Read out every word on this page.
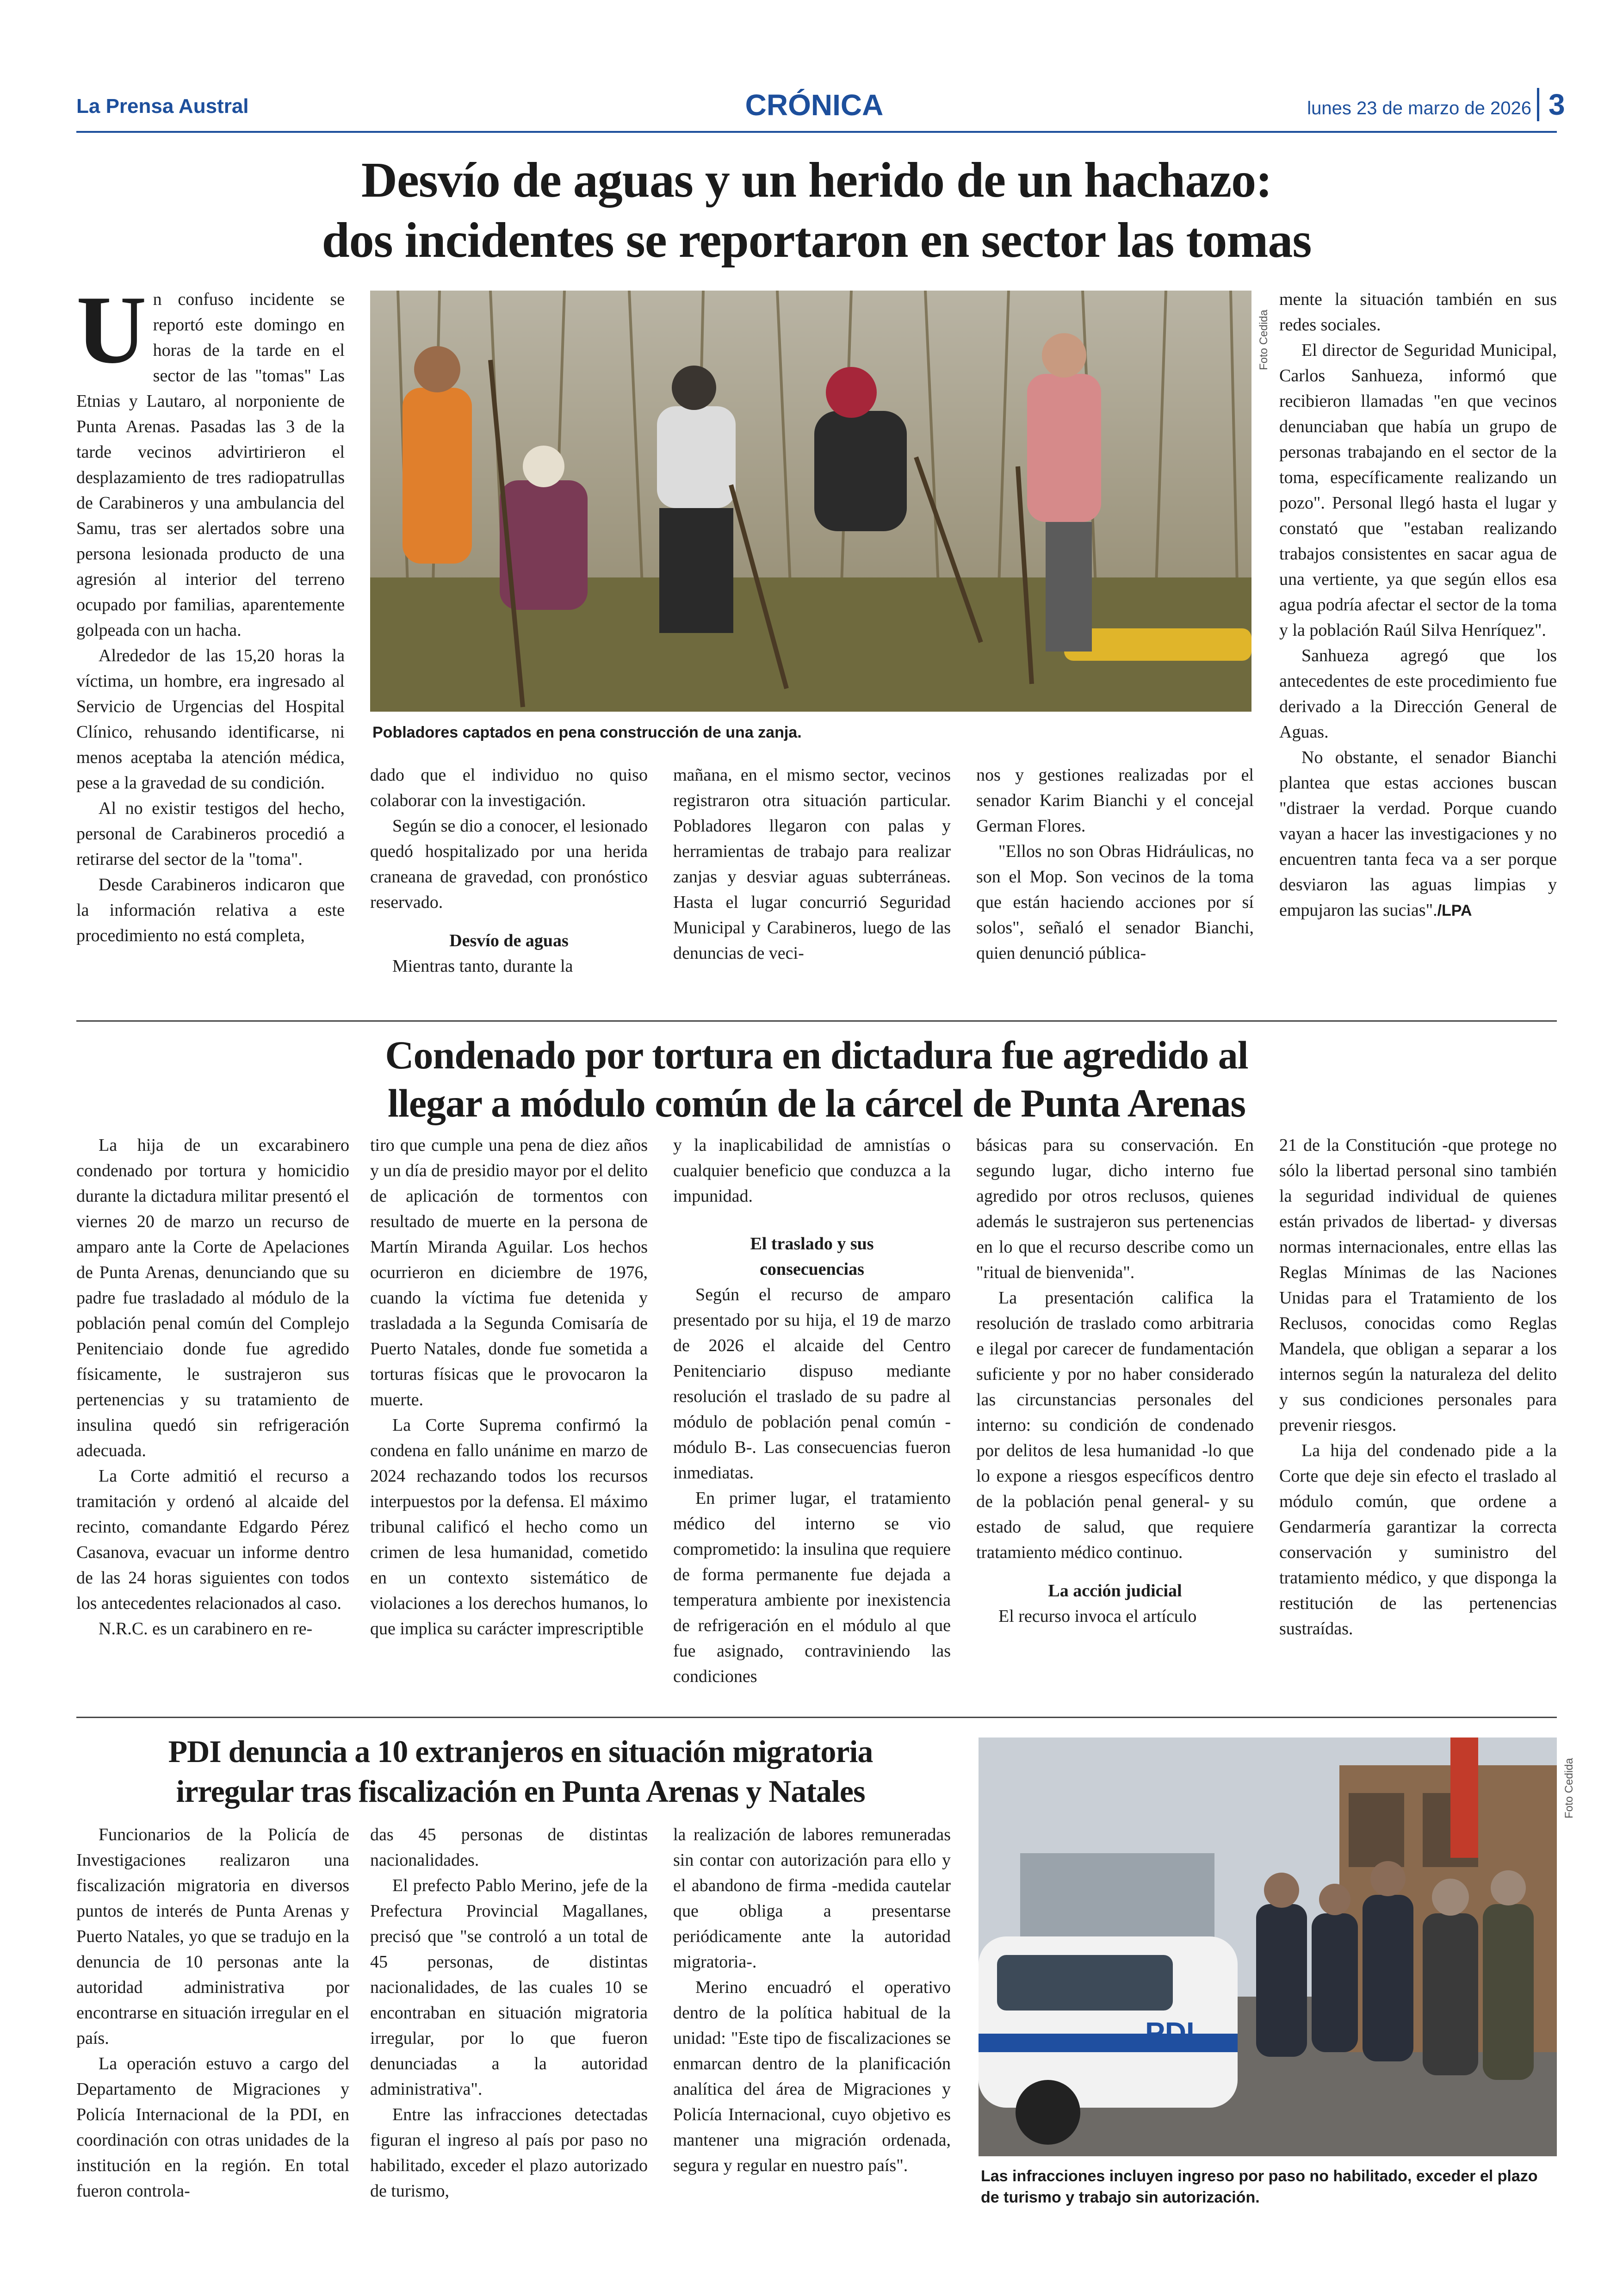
La Prensa Austral	CRÓNICA	lunes 23 de marzo de 2026 3
Desvío de aguas y un herido de un hachazo:
dos incidentes se reportaron en sector las tomas

Un confuso incidente se reportó este domingo en horas de la tarde en el sector de las "tomas" Las Etnias y Lautaro, al norponiente de Punta Arenas. Pasadas las 3 de la tarde vecinos advirtirieron el desplazamiento de tres radiopatrullas de Carabineros y una ambulancia del Samu, tras ser alertados sobre una persona lesionada producto de una agresión al interior del terreno ocupado por familias, aparentemente golpeada con un hacha.

Alrededor de las 15,20 horas la víctima, un hombre, era ingresado al Servicio de Urgencias del Hospital Clínico, rehusando identificarse, ni menos aceptaba la atención médica, pese a la gravedad de su condición.

Al no existir testigos del hecho, personal de Carabineros procedió a retirarse del sector de la "toma".

Desde Carabineros indicaron que la información relativa a este procedimiento no está completa,

Foto Cedida
Pobladores captados en pena construcción de una zanja.

dado que el individuo no quiso colaborar con la investigación.

Según se dio a conocer, el lesionado quedó hospitalizado por una herida craneana de gravedad, con pronóstico reservado.

Desvío de aguas

Mientras tanto, durante la

mañana, en el mismo sector, vecinos registraron otra situación particular. Pobladores llegaron con palas y herramientas de trabajo para realizar zanjas y desviar aguas subterráneas. Hasta el lugar concurrió Seguridad Municipal y Carabineros, luego de las denuncias de veci-

nos y gestiones realizadas por el senador Karim Bianchi y el concejal German Flores.

"Ellos no son Obras Hidráulicas, no son el Mop. Son vecinos de la toma que están haciendo acciones por sí solos", señaló el senador Bianchi, quien denunció pública-

mente la situación también en sus redes sociales.

El director de Seguridad Municipal, Carlos Sanhueza, informó que recibieron llamadas "en que vecinos denunciaban que había un grupo de personas trabajando en el sector de la toma, específicamente realizando un pozo". Personal llegó hasta el lugar y constató que "estaban realizando trabajos consistentes en sacar agua de una vertiente, ya que según ellos esa agua podría afectar el sector de la toma y la población Raúl Silva Henríquez".

Sanhueza agregó que los antecedentes de este procedimiento fue derivado a la Dirección General de Aguas.

No obstante, el senador Bianchi plantea que estas acciones buscan "distraer la verdad. Porque cuando vayan a hacer las investigaciones y no encuentren tanta feca va a ser porque desviaron las aguas limpias y empujaron las sucias"./LPA

Condenado por tortura en dictadura fue agredido al
llegar a módulo común de la cárcel de Punta Arenas

La hija de un excarabinero condenado por tortura y homicidio durante la dictadura militar presentó el viernes 20 de marzo un recurso de amparo ante la Corte de Apelaciones de Punta Arenas, denunciando que su padre fue trasladado al módulo de la población penal común del Complejo Penitenciaio donde fue agredido físicamente, le sustrajeron sus pertenencias y su tratamiento de insulina quedó sin refrigeración adecuada.

La Corte admitió el recurso a tramitación y ordenó al alcaide del recinto, comandante Edgardo Pérez Casanova, evacuar un informe dentro de las 24 horas siguientes con todos los antecedentes relacionados al caso.

N.R.C. es un carabinero en re-

tiro que cumple una pena de diez años y un día de presidio mayor por el delito de aplicación de tormentos con resultado de muerte en la persona de Martín Miranda Aguilar. Los hechos ocurrieron en diciembre de 1976, cuando la víctima fue detenida y trasladada a la Segunda Comisaría de Puerto Natales, donde fue sometida a torturas físicas que le provocaron la muerte.

La Corte Suprema confirmó la condena en fallo unánime en marzo de 2024 rechazando todos los recursos interpuestos por la defensa. El máximo tribunal calificó el hecho como un crimen de lesa humanidad, cometido en un contexto sistemático de violaciones a los derechos humanos, lo que implica su carácter imprescriptible

y la inaplicabilidad de amnistías o cualquier beneficio que conduzca a la impunidad.

El traslado y sus
consecuencias

Según el recurso de amparo presentado por su hija, el 19 de marzo de 2026 el alcaide del Centro Penitenciario dispuso mediante resolución el traslado de su padre al módulo de población penal común -módulo B-. Las consecuencias fueron inmediatas.

En primer lugar, el tratamiento médico del interno se vio comprometido: la insulina que requiere de forma permanente fue dejada a temperatura ambiente por inexistencia de refrigeración en el módulo al que fue asignado, contraviniendo las condiciones

básicas para su conservación. En segundo lugar, dicho interno fue agredido por otros reclusos, quienes además le sustrajeron sus pertenencias en lo que el recurso describe como un "ritual de bienvenida".

La presentación califica la resolución de traslado como arbitraria e ilegal por carecer de fundamentación suficiente y por no haber considerado las circunstancias personales del interno: su condición de condenado por delitos de lesa humanidad -lo que lo expone a riesgos específicos dentro de la población penal general- y su estado de salud, que requiere tratamiento médico continuo.

La acción judicial

El recurso invoca el artículo

21 de la Constitución -que protege no sólo la libertad personal sino también la seguridad individual de quienes están privados de libertad- y diversas normas internacionales, entre ellas las Reglas Mínimas de las Naciones Unidas para el Tratamiento de los Reclusos, conocidas como Reglas Mandela, que obligan a separar a los internos según la naturaleza del delito y sus condiciones personales para prevenir riesgos.

La hija del condenado pide a la Corte que deje sin efecto el traslado al módulo común, que ordene a Gendarmería garantizar la correcta conservación y suministro del tratamiento médico, y que disponga la restitución de las pertenencias sustraídas.

PDI denuncia a 10 extranjeros en situación migratoria
irregular tras fiscalización en Punta Arenas y Natales

Funcionarios de la Policía de Investigaciones realizaron una fiscalización migratoria en diversos puntos de interés de Punta Arenas y Puerto Natales, yo que se tradujo en la denuncia de 10 personas ante la autoridad administrativa por encontrarse en situación irregular en el país.

La operación estuvo a cargo del Departamento de Migraciones y Policía Internacional de la PDI, en coordinación con otras unidades de la institución en la región. En total fueron controla-

das 45 personas de distintas nacionalidades.

El prefecto Pablo Merino, jefe de la Prefectura Provincial Magallanes, precisó que "se controló a un total de 45 personas, de distintas nacionalidades, de las cuales 10 se encontraban en situación migratoria irregular, por lo que fueron denunciadas a la autoridad administrativa".

Entre las infracciones detectadas figuran el ingreso al país por paso no habilitado, exceder el plazo autorizado de turismo,

la realización de labores remuneradas sin contar con autorización para ello y el abandono de firma -medida cautelar que obliga a presentarse periódicamente ante la autoridad migratoria-.

Merino encuadró el operativo dentro de la política habitual de la unidad: "Este tipo de fiscalizaciones se enmarcan dentro de la planificación analítica del área de Migraciones y Policía Internacional, cuyo objetivo es mantener una migración ordenada, segura y regular en nuestro país".

PDI
Foto Cedida
Las infracciones incluyen ingreso por paso no habilitado, exceder el plazo de turismo y trabajo sin autorización.
